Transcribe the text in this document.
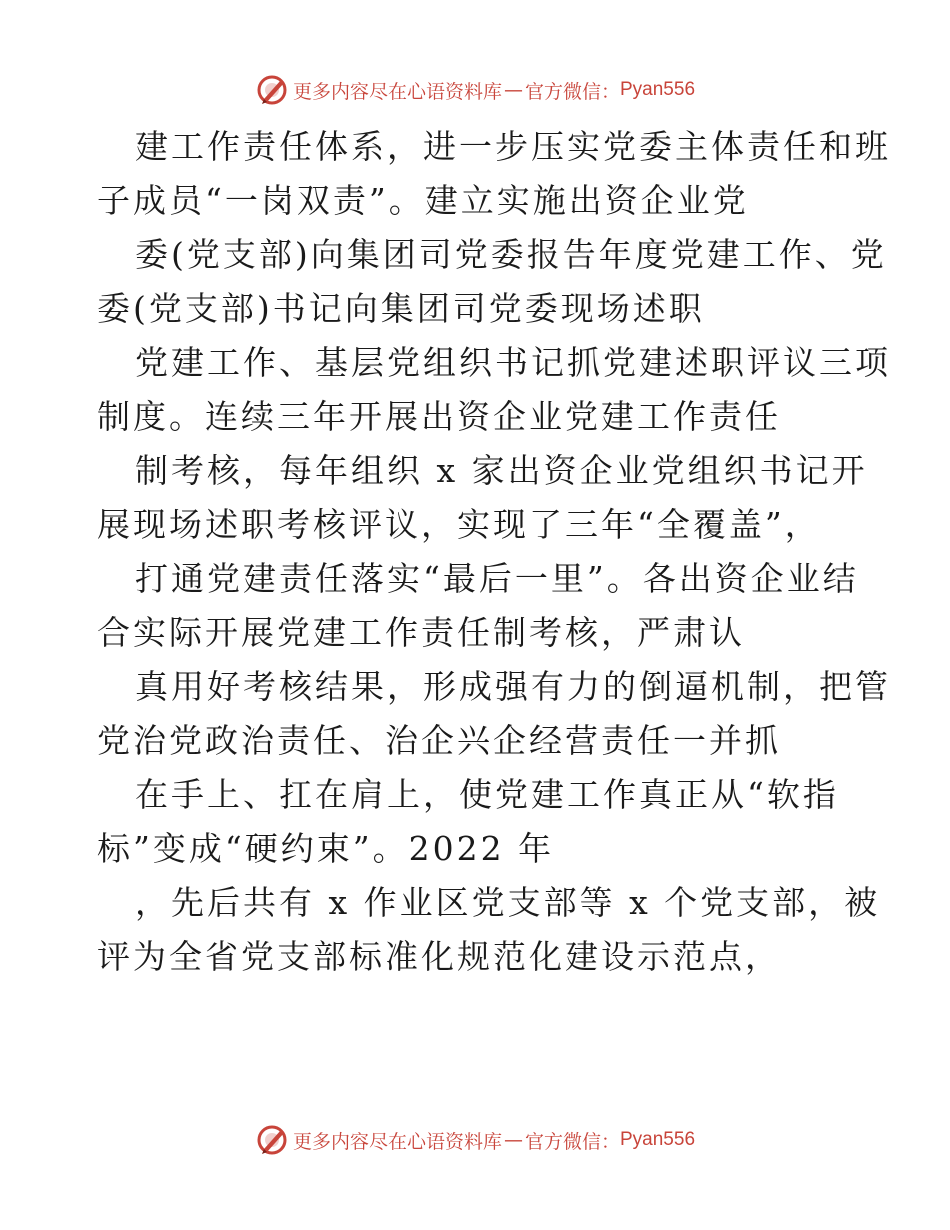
更多内容尽在心语资料库 — 官方微信： Pyan556
建工作责任体系，进一步压实党委主体责任和班
子成员“一岗双责”。建立实施出资企业党
委(党支部)向集团司党委报告年度党建工作、党
委(党支部)书记向集团司党委现场述职
党建工作、基层党组织书记抓党建述职评议三项
制度。连续三年开展出资企业党建工作责任
制考核，每年组织 x 家出资企业党组织书记开
展现场述职考核评议，实现了三年“全覆盖”，
打通党建责任落实“最后一里”。各出资企业结
合实际开展党建工作责任制考核，严肃认
真用好考核结果，形成强有力的倒逼机制，把管
党治党政治责任、治企兴企经营责任一并抓
在手上、扛在肩上，使党建工作真正从“软指
标”变成“硬约束”。2022 年
，先后共有 x 作业区党支部等 x 个党支部，被
评为全省党支部标准化规范化建设示范点，
更多内容尽在心语资料库 — 官方微信： Pyan556
